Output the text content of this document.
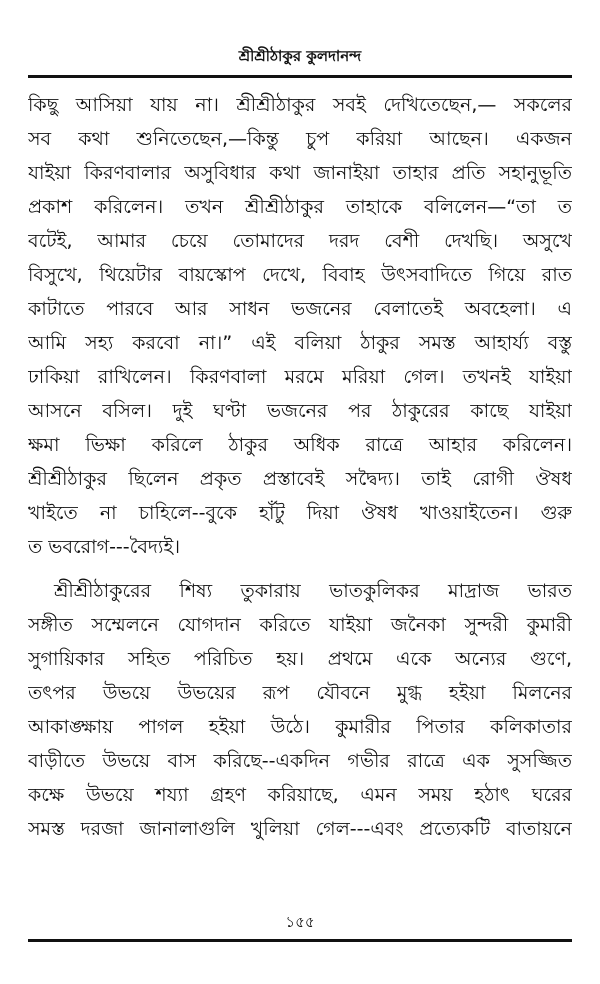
শ্রীশ্রীঠাকুর কুলদানন্দ
কিছু আসিয়া যায় না। শ্রীশ্রীঠাকুর সবই দেখিতেছেন,— সকলের
সব কথা শুনিতেছেন,—কিন্তু চুপ করিয়া আছেন। একজন
যাইয়া কিরণবালার অসুবিধার কথা জানাইয়া তাহার প্রতি সহানুভূতি
প্রকাশ করিলেন। তখন শ্রীশ্রীঠাকুর তাহাকে বলিলেন—“তা ত
বটেই, আমার চেয়ে তোমাদের দরদ বেশী দেখছি। অসুখে
বিসুখে, থিয়েটার বায়স্কোপ দেখে, বিবাহ উৎসবাদিতে গিয়ে রাত
কাটাতে পারবে আর সাধন ভজনের বেলাতেই অবহেলা। এ
আমি সহ্য করবো না।” এই বলিয়া ঠাকুর সমস্ত আহার্য্য বস্তু
ঢাকিয়া রাখিলেন। কিরণবালা মরমে মরিয়া গেল। তখনই যাইয়া
আসনে বসিল। দুই ঘণ্টা ভজনের পর ঠাকুরের কাছে যাইয়া
ক্ষমা ভিক্ষা করিলে ঠাকুর অধিক রাত্রে আহার করিলেন।
শ্রীশ্রীঠাকুর ছিলেন প্রকৃত প্রস্তাবেই সদ্বৈদ্য। তাই রোগী ঔষধ
খাইতে না চাহিলে--বুকে হাঁটু দিয়া ঔষধ খাওয়াইতেন। গুরু
ত ভবরোগ---বৈদ্যই।
শ্রীশ্রীঠাকুরের শিষ্য তুকারায় ভাতকুলিকর মাদ্রাজ ভারত
সঙ্গীত সম্মেলনে যোগদান করিতে যাইয়া জনৈকা সুন্দরী কুমারী
সুগায়িকার সহিত পরিচিত হয়। প্রথমে একে অন্যের গুণে,
তৎপর উভয়ে উভয়ের রূপ যৌবনে মুগ্ধ হইয়া মিলনের
আকাঙ্ক্ষায় পাগল হইয়া উঠে। কুমারীর পিতার কলিকাতার
বাড়ীতে উভয়ে বাস করিছে--একদিন গভীর রাত্রে এক সুসজ্জিত
কক্ষে উভয়ে শয্যা গ্রহণ করিয়াছে, এমন সময় হঠাৎ ঘরের
সমস্ত দরজা জানালাগুলি খুলিয়া গেল---এবং প্রত্যেকটি বাতায়নে
১৫৫
